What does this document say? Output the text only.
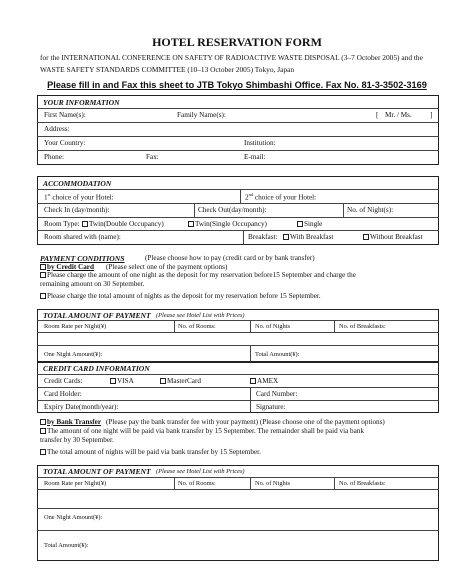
HOTEL RESERVATION FORM
for the INTERNATIONAL CONFERENCE ON SAFETY OF RADIOACTIVE WASTE DISPOSAL (3–7 October 2005) and the WASTE SAFETY STANDARDS COMMITTEE (10–13 October 2005) Tokyo, Japan
Please fill in and Fax this sheet to JTB Tokyo Shimbashi Office. Fax No. 81-3-3502-3169
YOUR INFORMATION
First Name(s):	Family Name(s):	[ Mr. / Ms.	]
Address:
Your Country:	Institution:
Phone:	Fax:	E-mail:
ACCOMMODATION
1st choice of your Hotel:	2nd choice of your Hotel:
Check In (day/month):	Check Out(day/month):	No. of Night(s):
Room Type:	Twin(Double Occupancy)	Twin(Single Occupancy)	Single
Room shared with (name):	Breakfast:	With Breakfast	Without Breakfast
PAYMENT CONDITIONS	(Please choose how to pay (credit card or by bank transfer)
by Credit Card (Please select one of the payment options)
Please charge the amount of one night as the deposit for my reservation before15 September and charge the
remaining amount on 30 September.
Please charge the total amount of nights as the deposit for my reservation before 15 September.
TOTAL AMOUNT OF PAYMENT (Please see Hotel List with Prices)
Room Rate per Night(¥)	No. of Rooms:	No. of Nights	No. of Breakfasts:
One Night Amount(¥):	Total Amount(¥):
CREDIT CARD INFORMATION
Credit Cards:	VISA	MasterCard	AMEX
Card Holder:	Card Number:
Expiry Date(month/year):	Signature:
by Bank Transfer (Please pay the bank transfer fee with your payment) (Please choose one of the payment options)
The amount of one night will be paid via bank transfer by 15 September. The remainder shall be paid via bank
transfer by 30 September.
The total amount of nights will be paid via bank transfer by 15 September.
TOTAL AMOUNT OF PAYMENT (Please see Hotel List with Prices)
Room Rate per Night(¥)	No. of Rooms:	No. of Nights	No. of Breakfasts:
One Night Amount(¥):
Total Amount(¥):
